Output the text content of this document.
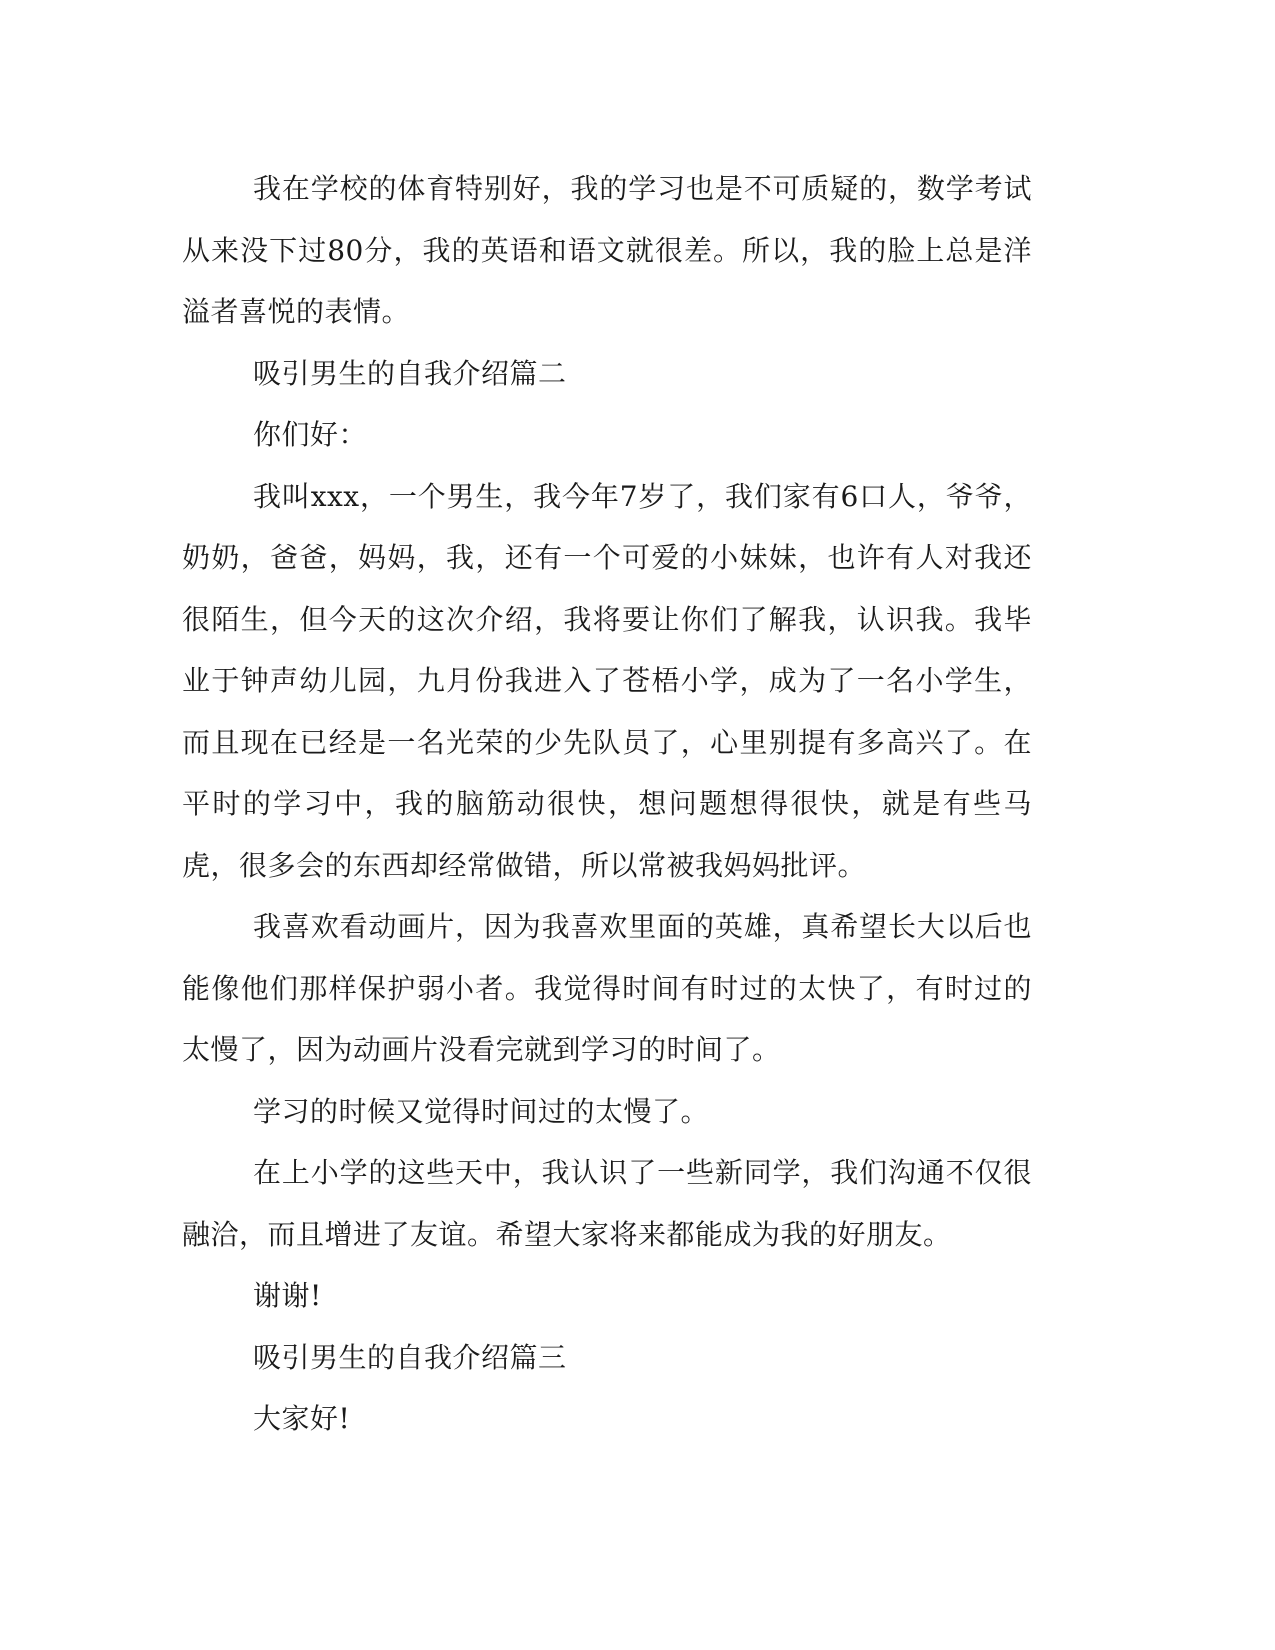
我在学校的体育特别好，我的学习也是不可质疑的，数学考试从来没下过80分，我的英语和语文就很差。所以，我的脸上总是洋溢者喜悦的表情。

吸引男生的自我介绍篇二

你们好：

我叫xxx，一个男生，我今年7岁了，我们家有6口人，爷爷，奶奶，爸爸，妈妈，我，还有一个可爱的小妹妹，也许有人对我还很陌生，但今天的这次介绍，我将要让你们了解我，认识我。我毕业于钟声幼儿园，九月份我进入了苍梧小学，成为了一名小学生，而且现在已经是一名光荣的少先队员了，心里别提有多高兴了。在平时的学习中，我的脑筋动很快，想问题想得很快，就是有些马虎，很多会的东西却经常做错，所以常被我妈妈批评。

我喜欢看动画片，因为我喜欢里面的英雄，真希望长大以后也能像他们那样保护弱小者。我觉得时间有时过的太快了，有时过的太慢了，因为动画片没看完就到学习的时间了。

学习的时候又觉得时间过的太慢了。

在上小学的这些天中，我认识了一些新同学，我们沟通不仅很融洽，而且增进了友谊。希望大家将来都能成为我的好朋友。

谢谢!

吸引男生的自我介绍篇三

大家好!
